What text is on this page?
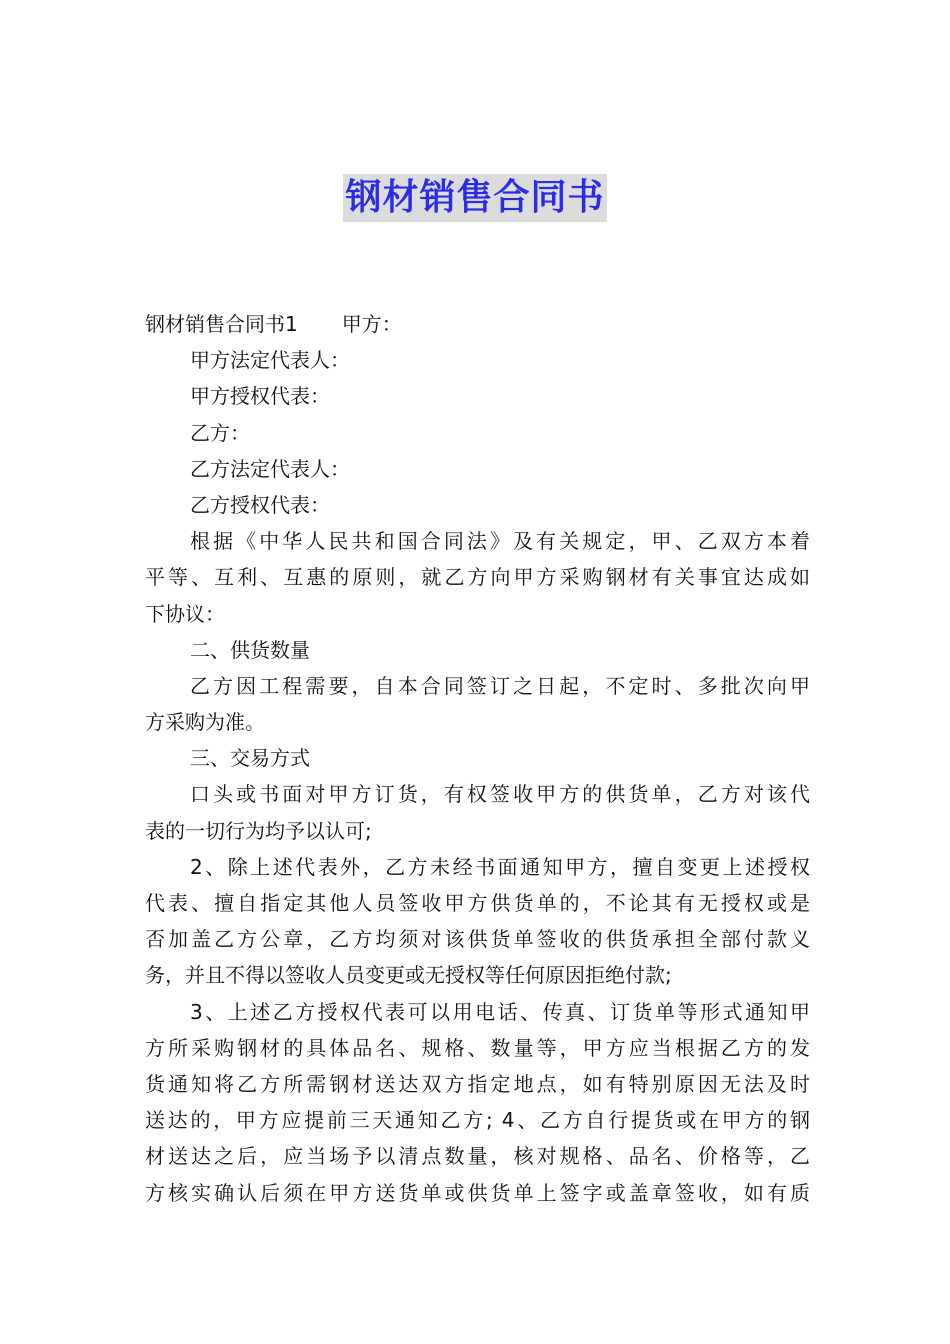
钢材销售合同书

钢材销售合同书1 甲方：

甲方法定代表人：

甲方授权代表：

乙方：

乙方法定代表人：

乙方授权代表：

根据《中华人民共和国合同法》及有关规定，甲、乙双方本着

平等、互利、互惠的原则，就乙方向甲方采购钢材有关事宜达成如

下协议：

二、供货数量

乙方因工程需要，自本合同签订之日起，不定时、多批次向甲

方采购为准。

三、交易方式

口头或书面对甲方订货，有权签收甲方的供货单，乙方对该代

表的一切行为均予以认可;

2、除上述代表外，乙方未经书面通知甲方，擅自变更上述授权

代表、擅自指定其他人员签收甲方供货单的，不论其有无授权或是

否加盖乙方公章，乙方均须对该供货单签收的供货承担全部付款义

务，并且不得以签收人员变更或无授权等任何原因拒绝付款;

3、上述乙方授权代表可以用电话、传真、订货单等形式通知甲

方所采购钢材的具体品名、规格、数量等，甲方应当根据乙方的发

货通知将乙方所需钢材送达双方指定地点，如有特别原因无法及时

送达的，甲方应提前三天通知乙方; 4、乙方自行提货或在甲方的钢

材送达之后，应当场予以清点数量，核对规格、品名、价格等，乙

方核实确认后须在甲方送货单或供货单上签字或盖章签收，如有质
